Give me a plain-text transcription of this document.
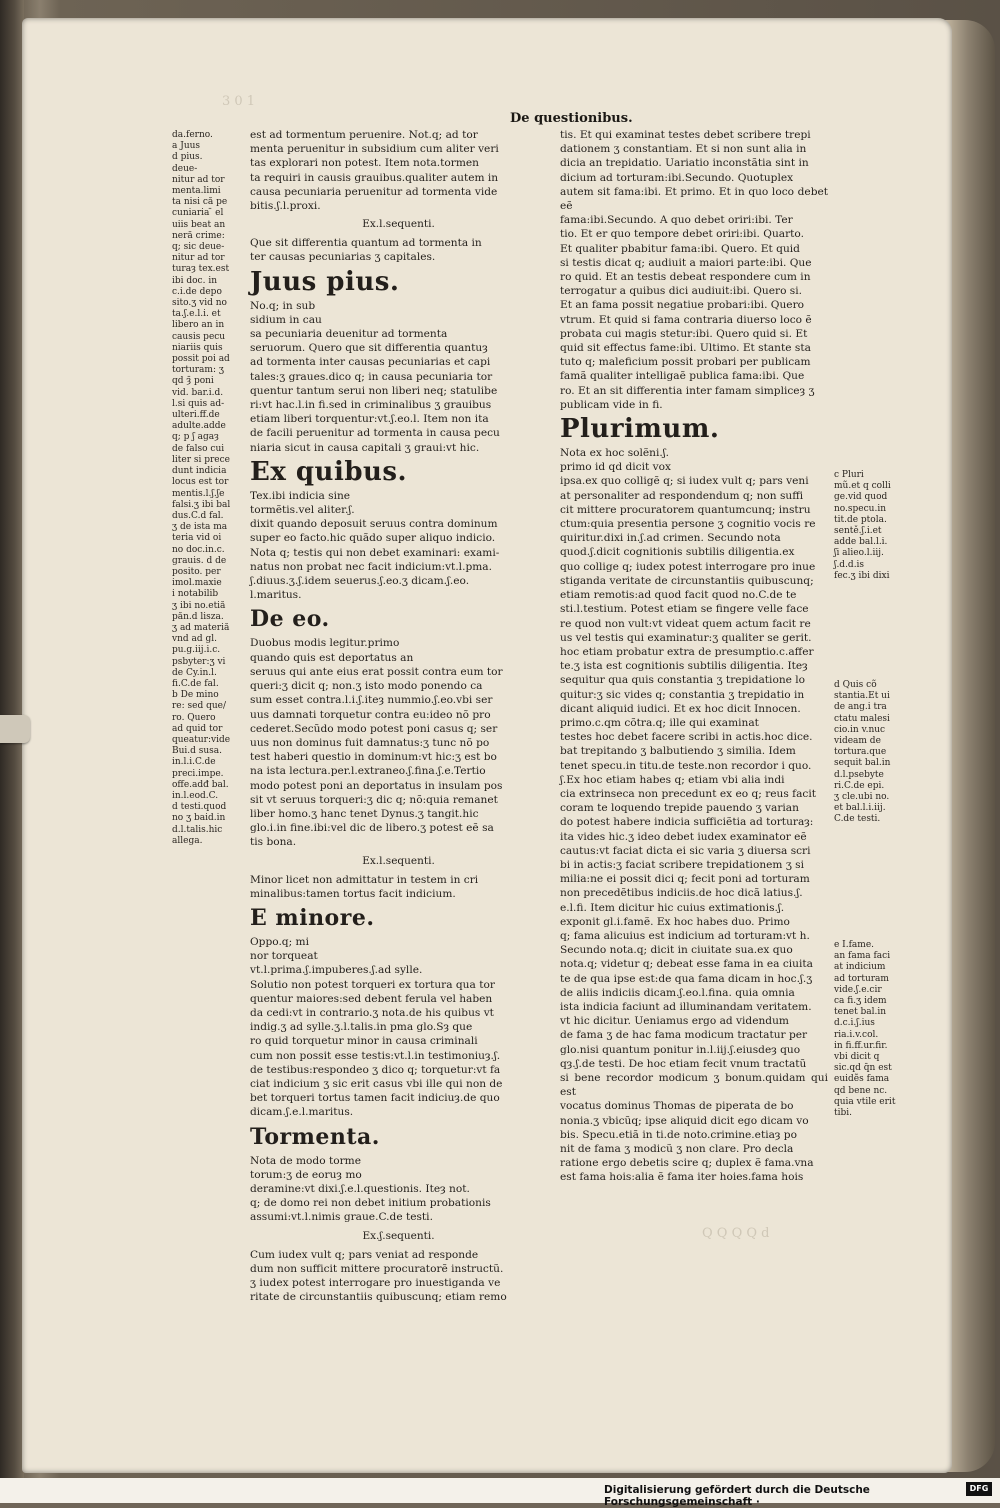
3 0 1
Q Q Q Q d
De questionibus.
da.ferno.
a Juus
d pius.
deue-
nitur ad tor
menta.limi
ta nisi că pe
cuniaria ̄ el
uiis beat an
neră crime:
q; sic deue-
nitur ad tor
turaȝ tex.est
ibi doc. in
c.i.de depo
sito.ʒ vid no
ta.ʃ.e.l.i. et
libero an in
causis pecu
niariis quis
possit poi ad
torturam: ʒ
qd ȝ̄ poni
vid. bar.i.d.
l.si quis ad-
ulteri.ff.de
adulte.adde
q; p ʃ agaȝ
de falso cui
liter si prece
dunt indicia
locus est tor
mentis.l.ʃ.ʃe
falsi.ʒ ibi bal
dus.C.d fal.
ʒ de ista ma
teria vid oi
no doc.in.c.
grauis. d de
posito. per
imol.maxie
i notabilib
ʒ ibi no.etiă
păn.d lisza.
ʒ ad materiă
vnd ad gl.
pu.g.iij.i.c.
psbyter:ʒ vi
de Cy.in.l.
fi.C.de fal.
b De mino
re: sed que/
ro. Quero
ad quid tor
queatur:vide
Bui.d susa.
in.l.i.C.de
preci.impe.
offe.adđ bal.
in.l.eod.C.
d testi.quod
no ʒ baid.in
d.l.talis.hic
allega.

est ad tormentum peruenire. Not.q; ad tor
menta peruenitur in subsidium cum aliter veri
tas explorari non potest. Item nota.tormen
ta requiri in causis grauibus.qualiter autem in
causa pecuniaria peruenitur ad tormenta vide
bitis.ʃ.l.proxi.

Ex.l.sequenti.

Que sit differentia quantum ad tormenta in
ter causas pecuniarias ʒ capitales.

Juus pius.

No.q; in sub
sidium in cau
sa pecuniaria deuenitur ad tormenta
seruorum. Quero que sit differentia quantuȝ
ad tormenta inter causas pecuniarias et capi
tales:ʒ graues.dico q; in causa pecuniaria tor
quentur tantum serui non liberi neq; statulibe
ri:vt hac.l.in fi.sed in criminalibus ʒ grauibus
etiam liberi torquentur:vt.ʃ.eo.l. Item non ita
de facili peruenitur ad tormenta in causa pecu
niaria sicut in causa capitali ʒ graui:vt hic.

Ex quibus.

Tex.ibi indicia sine
tormẽtis.vel aliter.ʃ.
dixit quando deposuit seruus contra dominum
super eo facto.hic quãdo super aliquo indicio.
Nota q; testis qui non debet examinari: exami-
natus non probat nec facit indicium:vt.l.pma.
ʃ.diuus.ʒ.ʃ.idem seuerus.ʃ.eo.ʒ dicam.ʃ.eo.
l.maritus.

De eo.

Duobus modis legitur.primo
quando quis est deportatus an
seruus qui ante eius erat possit contra eum tor
queri:ʒ dicit q; non.ʒ isto modo ponendo ca
sum esset contra.l.i.ʃ.iteȝ nummio.ʃ.eo.vbi ser
uus damnati torquetur contra eu:ideo nõ pro
cederet.Secũdo modo potest poni casus q; ser
uus non dominus fuit damnatus:ʒ tunc nõ po
test haberi questio in dominum:vt hic:ʒ est bo
na ista lectura.per.l.extraneo.ʃ.fina.ʃ.e.Tertio
modo potest poni an deportatus in insulam pos
sit vt seruus torqueri:ʒ dic q; nõ:quia remanet
liber homo.ʒ hanc tenet Dynus.ʒ tangit.hic
glo.i.in fine.ibi:vel dic de libero.ʒ potest eẽ sa
tis bona.

Ex.l.sequenti.

Minor licet non admittatur in testem in cri
minalibus:tamen tortus facit indicium.

E minore.

Oppo.q; mi
nor torqueat
vt.l.prima.ʃ.impuberes.ʃ.ad sylle.
Solutio non potest torqueri ex tortura qua tor
quentur maiores:sed debent ferula vel haben
da cedi:vt in contrario.ʒ nota.de his quibus vt
indig.ʒ ad sylle.ʒ.l.talis.in pma glo.Sȝ que
ro quid torquetur minor in causa criminali
cum non possit esse testis:vt.l.in testimoniuȝ.ʃ.
de testibus:respondeo ʒ dico q; torquetur:vt fa
ciat indicium ʒ sic erit casus vbi ille qui non de
bet torqueri tortus tamen facit indiciuȝ.de quo
dicam.ʃ.e.l.maritus.

Tormenta.

Nota de modo torme
torum:ʒ de eoruȝ mo
deramine:vt dixi.ʃ.e.l.questionis. Iteȝ not.
q; de domo rei non debet initium probationis
assumi:vt.l.nimis graue.C.de testi.

Ex.ʃ.sequenti.

Cum iudex vult q; pars veniat ad responde
dum non sufficit mittere procuratorẽ instructũ.
ʒ iudex potest interrogare pro inuestiganda ve
ritate de circunstantiis quibuscunq; etiam remo

tis. Et qui examinat testes debet scribere trepi
dationem ʒ constantiam. Et si non sunt alia in
dicia an trepidatio. Uariatio inconstãtia sint in
dicium ad torturam:ibi.Secundo. Quotuplex
autem sit fama:ibi. Et primo. Et in quo loco debet eẽ
fama:ibi.Secundo. A quo debet oriri:ibi. Ter
tio. Et er quo tempore debet oriri:ibi. Quarto.
Et qualiter pbabitur fama:ibi. Quero. Et quid
si testis dicat q; audiuit a maiori parte:ibi. Que
ro quid. Et an testis debeat respondere cum in
terrogatur a quibus dici audiuit:ibi. Quero si.
Et an fama possit negatiue probari:ibi. Quero
vtrum. Et quid si fama contraria diuerso loco ẽ
probata cui magis stetur:ibi. Quero quid si. Et
quid sit effectus fame:ibi. Ultimo. Et stante sta
tuto q; maleficium possit probari per publicam
famã qualiter intelligaẽ publica fama:ibi. Que
ro. Et an sit differentia inter famam simpliceȝ ʒ
publicam vide in fi.

Plurimum.

Nota ex hoc solẽni.ʃ.
primo id qd dicit vox
ipsa.ex quo colligẽ q; si iudex vult q; pars veni
at personaliter ad respondendum q; non suffi
cit mittere procuratorem quantumcunq; instru
ctum:quia presentia persone ʒ cognitio vocis re
quiritur.dixi in.ʃ.ad crimen. Secundo nota
quod.ʃ.dicit cognitionis subtilis diligentia.ex
quo collige q; iudex potest interrogare pro inue
stiganda veritate de circunstantiis quibuscunq;
etiam remotis:ad quod facit quod no.C.de te
sti.l.testium. Potest etiam se fingere velle face
re quod non vult:vt videat quem actum facit re
us vel testis qui examinatur:ʒ qualiter se gerit.
hoc etiam probatur extra de presumptio.c.affer
te.ʒ ista est cognitionis subtilis diligentia. Iteȝ
sequitur qua quis constantia ʒ trepidatione lo
quitur:ʒ sic vides q; constantia ʒ trepidatio in
dicant aliquid iudici. Et ex hoc dicit Innocen.
primo.c.qm cõtra.q; ille qui examinat
testes hoc debet facere scribi in actis.hoc dice.
bat trepitando ʒ balbutiendo ʒ similia. Idem
tenet specu.in titu.de teste.non recordor i quo.
ʃ.Ex hoc etiam habes q; etiam vbi alia indi
cia extrinseca non precedunt ex eo q; reus facit
coram te loquendo trepide pauendo ʒ varian
do potest habere indicia sufficiẽtia ad torturaȝ:
ita vides hic.ʒ ideo debet iudex examinator eẽ
cautus:vt faciat dicta ei sic varia ʒ diuersa scri
bi in actis:ʒ faciat scribere trepidationem ʒ si
milia:ne ei possit dici q; fecit poni ad torturam
non precedẽtibus indiciis.de hoc dicã latius.ʃ.
e.l.fi. Item dicitur hic cuius extimationis.ʃ.
exponit gl.i.famẽ. Ex hoc habes duo. Primo
q; fama alicuius est indicium ad torturam:vt h.
Secundo nota.q; dicit in ciuitate sua.ex quo
nota.q; videtur q; debeat esse fama in ea ciuita
te de qua ipse est:de qua fama dicam in hoc.ʃ.ʒ
de aliis indiciis dicam.ʃ.eo.l.fina. quia omnia
ista indicia faciunt ad illuminandam veritatem.
vt hic dicitur. Ueniamus ergo ad videndum
de fama ʒ de hac fama modicum tractatur per
glo.nisi quantum ponitur in.l.iij.ʃ.eiusdeȝ quo
qȝ.ʃ.de testi. De hoc etiam fecit vnum tractatũ
si bene recordor modicum ʒ bonum.quidam qui est
vocatus dominus Thomas de piperata de bo
nonia.ʒ vbicũq; ipse aliquid dicit ego dicam vo
bis. Specu.etiã in ti.de noto.crimine.etiaȝ po
nit de fama ʒ modicũ ʒ non clare. Pro decla
ratione ergo debetis scire q; duplex ẽ fama.vna
est fama hois:alia ẽ fama iter hoies.fama hois

c Pluri
mũ.et q colli
ge.vid quod
no.specu.in
tit.de ptola.
sentě.ʃ.i.et
adde bal.l.i.
ʃi alieo.l.iij.
ʃ.d.d.is
fec.ʒ ibi dixi
d Quis cõ
stantia.Et ui
de ang.i tra
ctatu malesi
cio.in v.nuc
videam de
tortura.que
sequit bal.in
d.l.psebyte
ri.C.de epi.
ʒ cle.ubi no.
et bal.l.i.iij.
C.de testi.
e I.fame.
an fama faci
at indicium
ad torturam
vide.ʃ.e.cir
ca fi.ʒ idem
tenet bal.in
d.c.i.ʃ.ius
ria.i.v.col.
in fi.ff.ur.fir.
vbi dicit q
sic.qd q̄n est
euidẽs fama
qd bene nc.
quia vtile erit
tibi.
Digitalisierung gefördert durch die Deutsche Forschungsgemeinschaft ·
DFG
